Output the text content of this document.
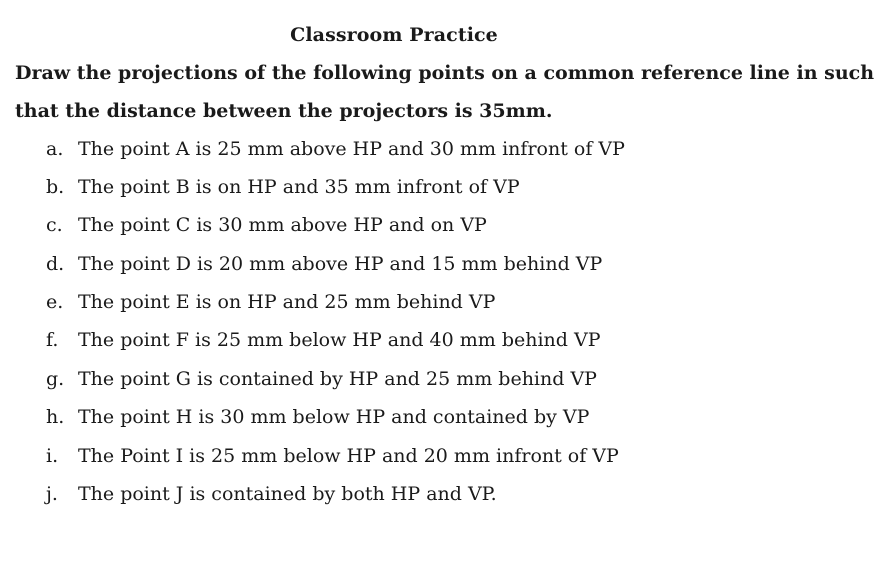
Classroom Practice
Draw the projections of the following points on a common reference line in such
that the distance between the projectors is 35mm.
a. The point A is 25 mm above HP and 30 mm infront of VP
b. The point B is on HP and 35 mm infront of VP
c. The point C is 30 mm above HP and on VP
d. The point D is 20 mm above HP and 15 mm behind VP
e. The point E is on HP and 25 mm behind VP
f.	The point F is 25 mm below HP and 40 mm behind VP
g. The point G is contained by HP and 25 mm behind VP
h. The point H is 30 mm below HP and contained by VP
i.	The Point I is 25 mm below HP and 20 mm infront of VP
j.	The point J is contained by both HP and VP.
